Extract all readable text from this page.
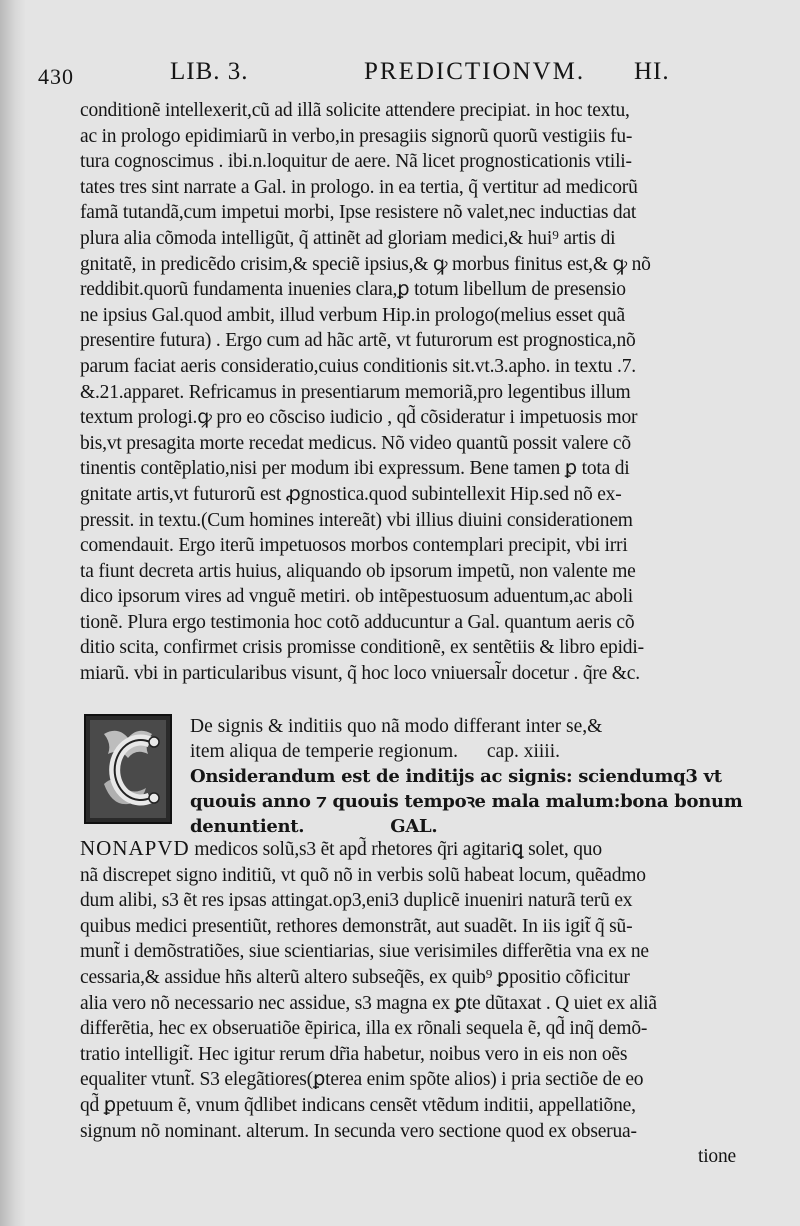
430	LIB. 3.	PREDICTIONVM. HI.
conditionẽ intellexerit,cũ ad illã solicite attendere precipiat. in hoc textu,
ac in prologo epidimiarũ in verbo,in presagiis signorũ quorũ vestigiis fu-
tura cognoscimus . ibi.n.loquitur de aere. Nã licet prognosticationis vtili-
tates tres sint narrate a Gal. in prologo. in ea tertia, q̃ vertitur ad medicorũ
famã tutandã,cum impetui morbi, Ipse resistere nõ valet,nec inductias dat
plura alia cõmoda intelligũt, q̃ attinẽt ad gloriam medici,& hui⁹ artis di
gnitatẽ, in predicẽdo crisim,& speciẽ ipsius,& ꝙ morbus finitus est,& ꝙ nõ
reddibit.quorũ fundamenta inuenies clara,ꝑ totum libellum de presensio
ne ipsius Gal.quod ambit, illud verbum Hip.in prologo(melius esset quã
presentire futura) . Ergo cum ad hãc artẽ, vt futurorum est prognostica,nõ
parum faciat aeris consideratio,cuius conditionis sit.vt.3.apho. in textu .7.
&.21.apparet. Refricamus in presentiarum memoriã,pro legentibus illum
textum prologi.ꝙ pro eo cõsciso iudicio , qd̃ cõsideratur i impetuosis mor
bis,vt presagita morte recedat medicus. Nõ video quantũ possit valere cõ
tinentis contẽplatio,nisi per modum ibi expressum. Bene tamen ꝑ tota di
gnitate artis,vt futurorũ est ꝓgnostica.quod subintellexit Hip.sed nõ ex-
pressit. in textu.(Cum homines intereãt) vbi illius diuini considerationem
comendauit. Ergo iterũ impetuosos morbos contemplari precipit, vbi irri
ta fiunt decreta artis huius, aliquando ob ipsorum impetũ, non valente me
dico ipsorum vires ad vnguẽ metiri. ob intẽpestuosum aduentum,ac aboli
tionẽ. Plura ergo testimonia hoc cotõ adducuntur a Gal. quantum aeris cõ
ditio scita, confirmet crisis promisse conditionẽ, ex sentẽtiis & libro epidi-
miarũ. vbi in particularibus visunt, q̃ hoc loco vniuersal̃r docetur . q̃re &c.
De signis & inditiis quo nã modo differant inter se,&
item aliqua de temperie regionum. cap. xiiii.
Onsiderandum est de inditijs ac signis: sciendumq3 vt
quouis anno ⁊ quouis tempoꝛe mala malum:bona bonum
denuntient.	GAL.
NONAPVD medicos solũ,s3 ẽt apd̃ rhetores q̃ri agitariꝗ solet, quo
nã discrepet signo inditiũ, vt quõ nõ in verbis solũ habeat locum, quẽadmo
dum alibi, s3 ẽt res ipsas attingat.op3,eni3 duplicẽ inueniri naturã terũ ex
quibus medici presentiũt, rethores demonstrãt, aut suadẽt. In iis igit̃ q̃ sũ-
munt̃ i demõstratiões, siue scientiarias, siue verisimiles differẽtia vna ex ne
cessaria,& assidue hñs alterũ altero subseq̃ẽs, ex quib⁹ ꝑpositio cõficitur
alia vero nõ necessario nec assidue, s3 magna ex ꝑte dũtaxat . Q uiet ex aliã
differẽtia, hec ex obseruatiõe ẽpirica, illa ex rõnali sequela ẽ, qd̃ inq̃ demõ-
tratio intelligit̃. Hec igitur rerum dr̃ia habetur, noibus vero in eis non oẽs
equaliter vtunt̃. S3 elegãtiores(ꝑterea enim spõte alios) i pria sectiõe de eo
qd̃ ꝑpetuum ẽ, vnum q̃dlibet indicans censẽt vtẽdum inditii, appellatiõne,
signum nõ nominant. alterum. In secunda vero sectione quod ex obserua-
tione
